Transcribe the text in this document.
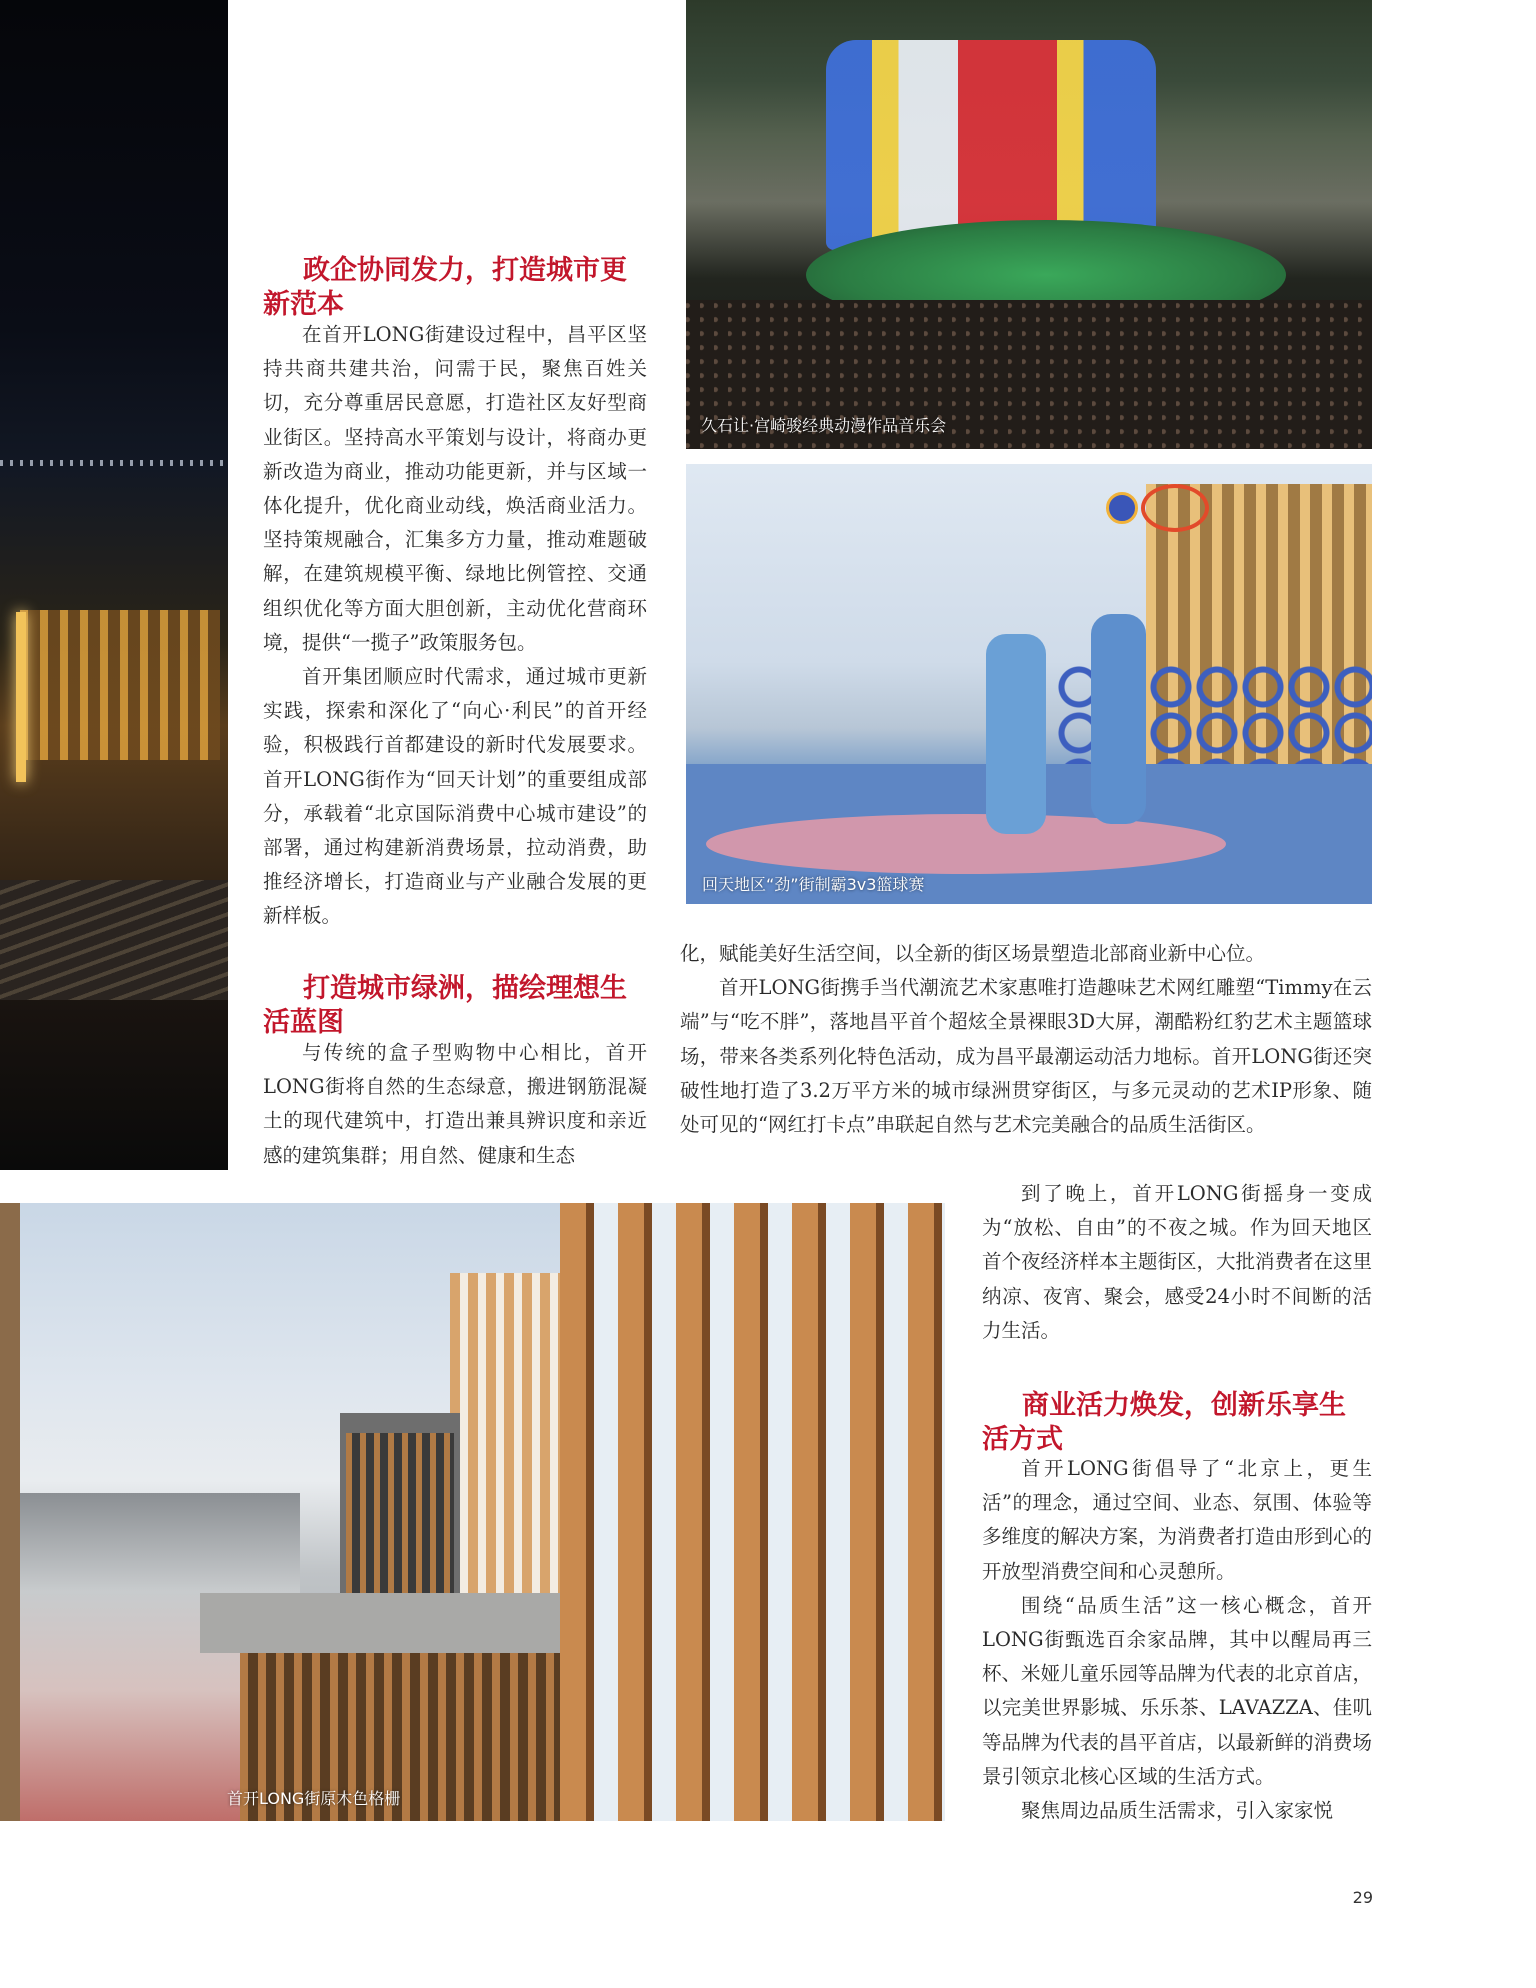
久石让·宫崎骏经典动漫作品音乐会
回天地区“劲”街制霸3v3篮球赛
首开LONG街原木色格栅
政企协同发力，打造城市更新范本

在首开LONG街建设过程中，昌平区坚持共商共建共治，问需于民，聚焦百姓关切，充分尊重居民意愿，打造社区友好型商业街区。坚持高水平策划与设计，将商办更新改造为商业，推动功能更新，并与区域一体化提升，优化商业动线，焕活商业活力。坚持策规融合，汇集多方力量，推动难题破解，在建筑规模平衡、绿地比例管控、交通组织优化等方面大胆创新，主动优化营商环境，提供“一揽子”政策服务包。

首开集团顺应时代需求，通过城市更新实践，探索和深化了“向心·利民”的首开经验，积极践行首都建设的新时代发展要求。首开LONG街作为“回天计划”的重要组成部分，承载着“北京国际消费中心城市建设”的部署，通过构建新消费场景，拉动消费，助推经济增长，打造商业与产业融合发展的更新样板。

打造城市绿洲，描绘理想生活蓝图

与传统的盒子型购物中心相比，首开LONG街将自然的生态绿意，搬进钢筋混凝土的现代建筑中，打造出兼具辨识度和亲近感的建筑集群；用自然、健康和生态

化，赋能美好生活空间，以全新的街区场景塑造北部商业新中心位。

首开LONG街携手当代潮流艺术家惠唯打造趣味艺术网红雕塑“Timmy在云端”与“吃不胖”，落地昌平首个超炫全景裸眼3D大屏，潮酷粉红豹艺术主题篮球场，带来各类系列化特色活动，成为昌平最潮运动活力地标。首开LONG街还突破性地打造了3.2万平方米的城市绿洲贯穿街区，与多元灵动的艺术IP形象、随处可见的“网红打卡点”串联起自然与艺术完美融合的品质生活街区。

到了晚上，首开LONG街摇身一变成为“放松、自由”的不夜之城。作为回天地区首个夜经济样本主题街区，大批消费者在这里纳凉、夜宵、聚会，感受24小时不间断的活力生活。

商业活力焕发，创新乐享生活方式

首开LONG街倡导了“北京上，更生活”的理念，通过空间、业态、氛围、体验等多维度的解决方案，为消费者打造由形到心的开放型消费空间和心灵憩所。

围绕“品质生活”这一核心概念，首开LONG街甄选百余家品牌，其中以醒局再三杯、米娅儿童乐园等品牌为代表的北京首店，以完美世界影城、乐乐茶、LAVAZZA、佳叽等品牌为代表的昌平首店，以最新鲜的消费场景引领京北核心区域的生活方式。

聚焦周边品质生活需求，引入家家悦

29
